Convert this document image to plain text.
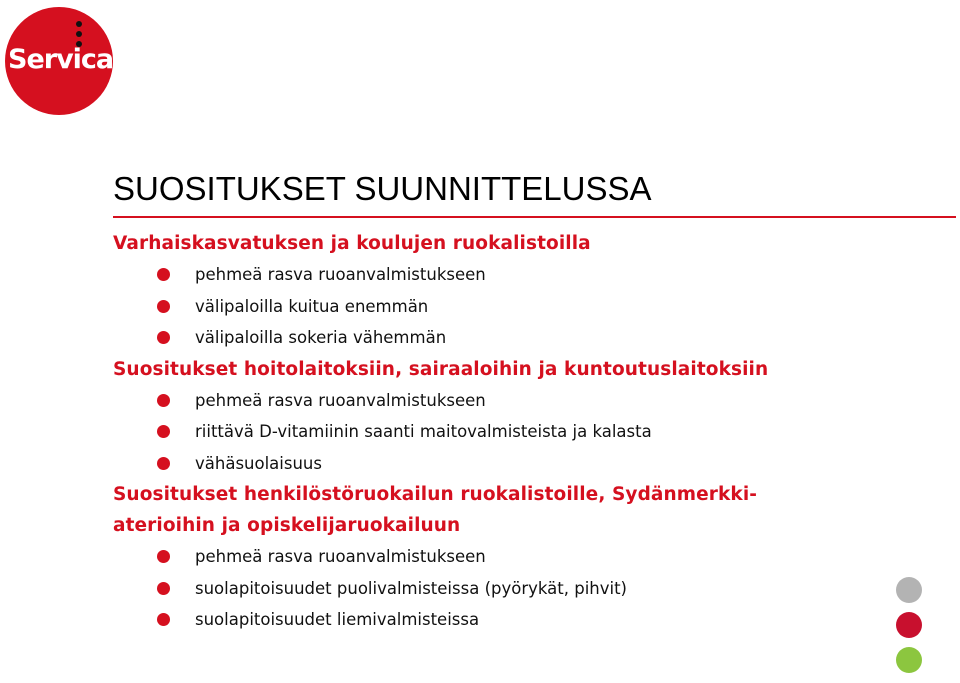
Servica
SUOSITUKSET SUUNNITTELUSSA
Varhaiskasvatuksen ja koulujen ruokalistoilla
pehmeä rasva ruoanvalmistukseen
välipaloilla kuitua enemmän
välipaloilla sokeria vähemmän
Suositukset hoitolaitoksiin, sairaaloihin ja kuntoutuslaitoksiin
pehmeä rasva ruoanvalmistukseen
riittävä D-vitamiinin saanti maitovalmisteista ja kalasta
vähäsuolaisuus
Suositukset henkilöstöruokailun ruokalistoille, Sydänmerkki-
aterioihin ja opiskelijaruokailuun
pehmeä rasva ruoanvalmistukseen
suolapitoisuudet puolivalmisteissa (pyörykät, pihvit)
suolapitoisuudet liemivalmisteissa
